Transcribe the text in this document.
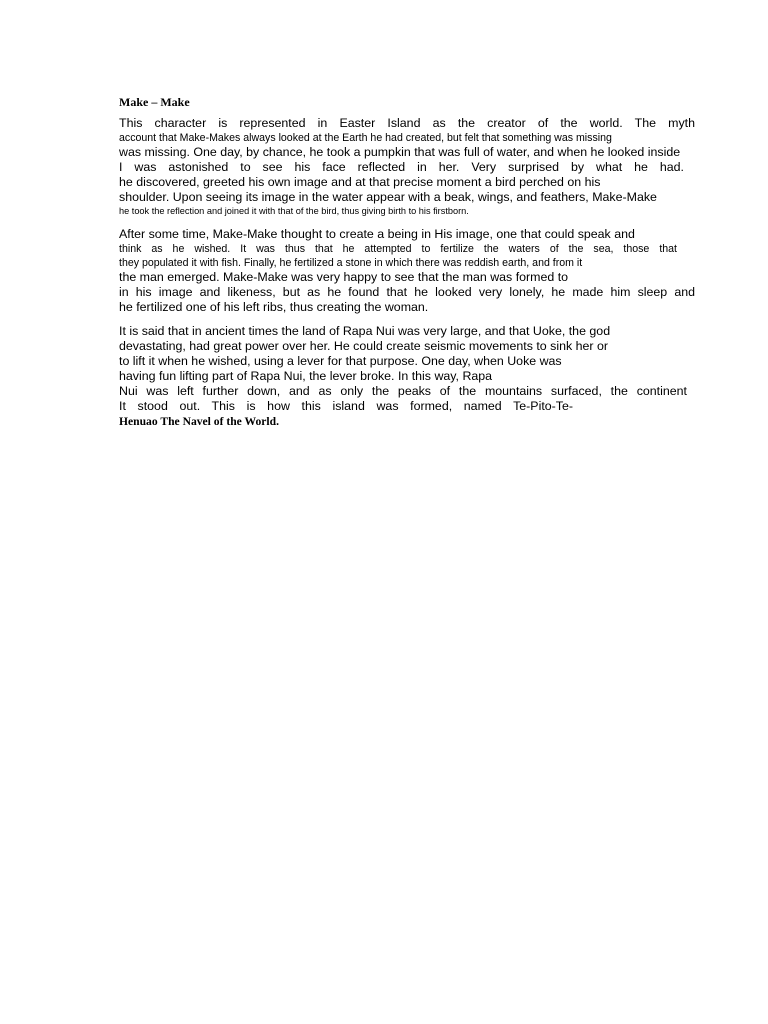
Make – Make
This character is represented in Easter Island as the creator of the world. The myth
account that Make-Makes always looked at the Earth he had created, but felt that something was missing
was missing. One day, by chance, he took a pumpkin that was full of water, and when he looked inside
I was astonished to see his face reflected in her. Very surprised by what he had.
he discovered, greeted his own image and at that precise moment a bird perched on his
shoulder. Upon seeing its image in the water appear with a beak, wings, and feathers, Make-Make
he took the reflection and joined it with that of the bird, thus giving birth to his firstborn.
After some time, Make-Make thought to create a being in His image, one that could speak and
think as he wished. It was thus that he attempted to fertilize the waters of the sea, those that
they populated it with fish. Finally, he fertilized a stone in which there was reddish earth, and from it
the man emerged. Make-Make was very happy to see that the man was formed to
in his image and likeness, but as he found that he looked very lonely, he made him sleep and
he fertilized one of his left ribs, thus creating the woman.
It is said that in ancient times the land of Rapa Nui was very large, and that Uoke, the god
devastating, had great power over her. He could create seismic movements to sink her or
to lift it when he wished, using a lever for that purpose. One day, when Uoke was
having fun lifting part of Rapa Nui, the lever broke. In this way, Rapa
Nui was left further down, and as only the peaks of the mountains surfaced, the continent
It stood out. This is how this island was formed, named Te-Pito-Te-
Henuao The Navel of the World.
